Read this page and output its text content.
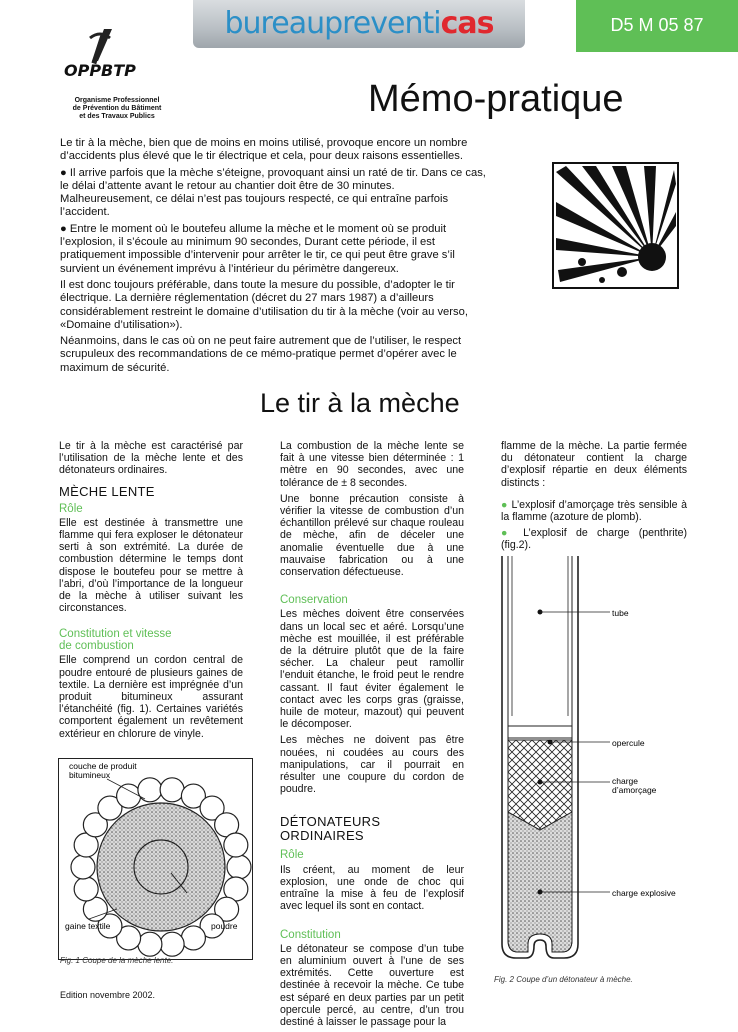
bureaupreventicas	D5 M 05 87
OPPBTP
Organisme Professionnel
de Prévention du Bâtiment
et des Travaux Publics	Mémo-pratique

Le tir à la mèche, bien que de moins en moins utilisé, provoque encore un nombre d’accidents plus élevé que le tir électrique et cela, pour deux raisons essentielles.

● Il arrive parfois que la mèche s’éteigne, provoquant ainsi un raté de tir. Dans ce cas, le délai d’attente avant le retour au chantier doit être de 30 minutes. Malheureusement, ce délai n’est pas toujours respecté, ce qui entraîne parfois l’accident.

● Entre le moment où le boutefeu allume la mèche et le moment où se produit l’explosion, il s’écoule au minimum 90 secondes, Durant cette période, il est pratiquement impossible d’intervenir pour arrêter le tir, ce qui peut être grave s’il survient un événement imprévu à l’intérieur du périmètre dangereux.

Il est donc toujours préférable, dans toute la mesure du possible, d’adopter le tir électrique. La dernière réglementation (décret du 27 mars 1987) a d’ailleurs considérablement restreint le domaine d’utilisation du tir à la mèche (voir au verso, «Domaine d’utilisation»).

Néanmoins, dans le cas où on ne peut faire autrement que de l’utiliser, le respect scrupuleux des recommandations de ce mémo-pratique permet d’opérer avec le maximum de sécurité.

Le tir à la mèche

Le tir à la mèche est caractérisé par l’utilisation de la mèche lente et des détonateurs ordinaires.

MÈCHE LENTE
Rôle

Elle est destinée à transmettre une flamme qui fera exploser le détonateur serti à son extrémité. La durée de combustion détermine le temps dont dispose le boutefeu pour se mettre à l’abri, d’où l’importance de la longueur de la mèche à utiliser suivant les circonstances.

Constitution et vitesse
de combustion

Elle comprend un cordon central de poudre entouré de plusieurs gaines de textile. La dernière est imprégnée d’un produit bitumineux assurant l’étanchéité (fig. 1). Certaines variétés comportent également un revêtement extérieur en chlorure de vinyle.

couche de produit
bitumineux
gaine textile	poudre
Fig. 1 Coupe de la mèche lente.

La combustion de la mèche lente se fait à une vitesse bien déterminée : 1 mètre en 90 secondes, avec une tolérance de ± 8 secondes.

Une bonne précaution consiste à vérifier la vitesse de combustion d’un échantillon prélevé sur chaque rouleau de mèche, afin de déceler une anomalie éventuelle due à une mauvaise fabrication ou à une conservation défectueuse.

Conservation

Les mèches doivent être conservées dans un local sec et aéré. Lorsqu’une mèche est mouillée, il est préférable de la détruire plutôt que de la faire sécher. La chaleur peut ramollir l’enduit étanche, le froid peut le rendre cassant. Il faut éviter également le contact avec les corps gras (graisse, huile de moteur, mazout) qui peuvent le décomposer.

Les mèches ne doivent pas être nouées, ni coudées au cours des manipulations, car il pourrait en résulter une coupure du cordon de poudre.

DÉTONATEURS
ORDINAIRES
Rôle

Ils créent, au moment de leur explosion, une onde de choc qui entraîne la mise à feu de l’explosif avec lequel ils sont en contact.

Constitution

Le détonateur se compose d’un tube en aluminium ouvert à l’une de ses extrémités. Cette ouverture est destinée à recevoir la mèche. Ce tube est séparé en deux parties par un petit opercule percé, au centre, d’un trou destiné à laisser le passage pour la

flamme de la mèche. La partie fermée du détonateur contient la charge d’explosif répartie en deux éléments distincts :

● L’explosif d’amorçage très sensible à la flamme (azoture de plomb).

● L’explosif de charge (penthrite) (fig.2).

tube
opercule
charge
d’amorçage
charge explosive
Fig. 2 Coupe d’un détonateur à mèche.
Edition novembre 2002.
